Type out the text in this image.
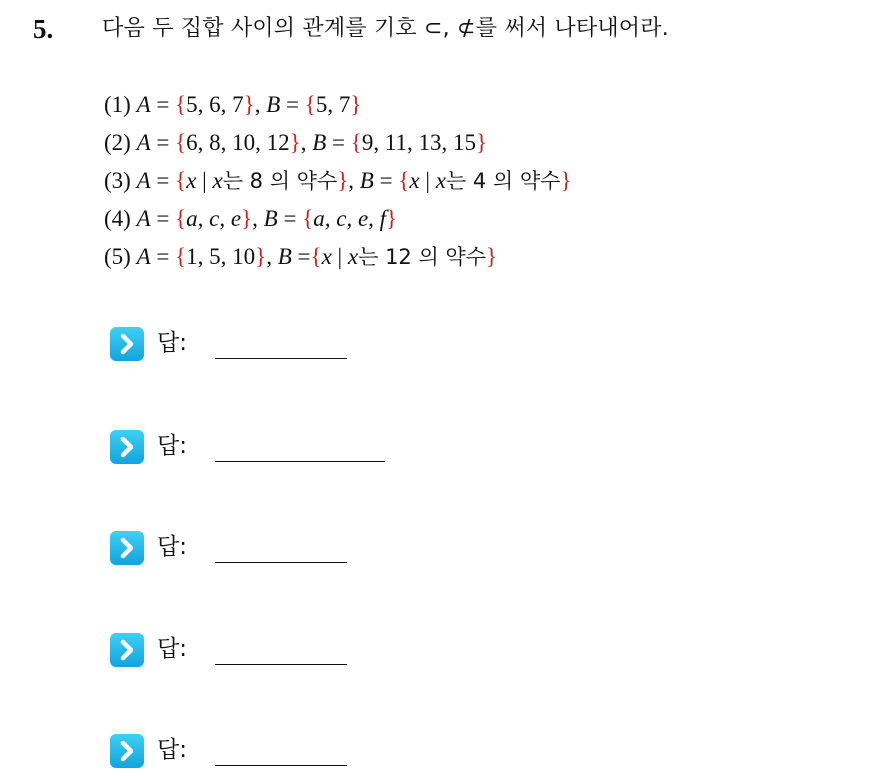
5. 다음 두 집합 사이의 관계를 기호 ⊂, ⊄를 써서 나타내어라.
(1) A = {5, 6, 7}, B = {5, 7}
(2) A = {6, 8, 10, 12}, B = {9, 11, 13, 15}
(3) A = {x | x는 8 의 약수}, B = {x | x는 4 의 약수}
(4) A = {a, c, e}, B = {a, c, e, f}
(5) A = {1, 5, 10}, B ={x | x는 12 의 약수}
답:
답:
답:
답:
답:
